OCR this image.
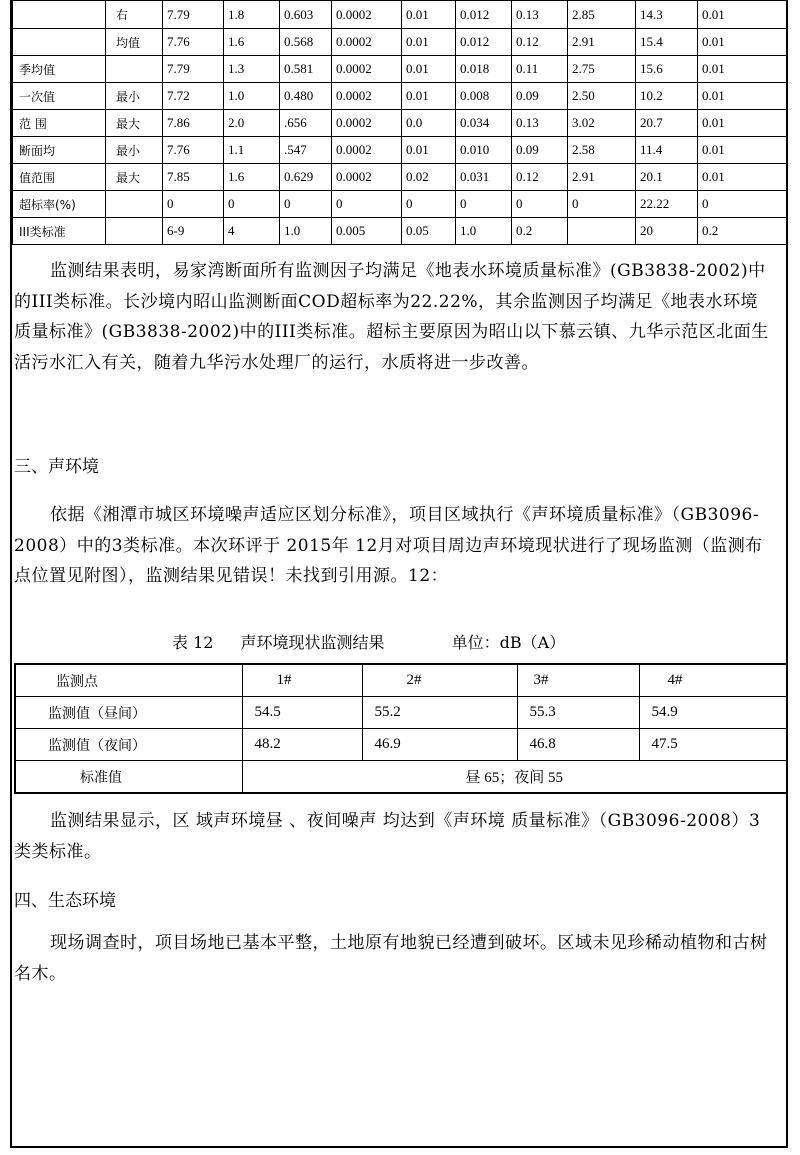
	右	7.79	1.8	0.603	0.0002	0.01	0.012	0.13	2.85	14.3	0.01
	均值	7.76	1.6	0.568	0.0002	0.01	0.012	0.12	2.91	15.4	0.01
季均值		7.79	1.3	0.581	0.0002	0.01	0.018	0.11	2.75	15.6	0.01
一次值	最小	7.72	1.0	0.480	0.0002	0.01	0.008	0.09	2.50	10.2	0.01
范 围	最大	7.86	2.0	.656	0.0002	0.0	0.034	0.13	3.02	20.7	0.01
断面均	最小	7.76	1.1	.547	0.0002	0.01	0.010	0.09	2.58	11.4	0.01
值范围	最大	7.85	1.6	0.629	0.0002	0.02	0.031	0.12	2.91	20.1	0.01
超标率(%)		0	0	0	0	0	0	0	0	22.22	0
III类标准		6-9	4	1.0	0.005	0.05	1.0	0.2		20	0.2
监测结果表明，易家湾断面所有监测因子均满足《地表水环境质量标准》(GB3838-2002)中的III类标准。长沙境内昭山监测断面COD超标率为22.22%，其余监测因子均满足《地表水环境质量标准》(GB3838-2002)中的III类标准。超标主要原因为昭山以下慕云镇、九华示范区北面生活污水汇入有关，随着九华污水处理厂的运行，水质将进一步改善。
三、声环境
依据《湘潭市城区环境噪声适应区划分标准》，项目区域执行《声环境质量标准》（GB3096-2008）中的3类标准。本次环评于 2015年 12月对项目周边声环境现状进行了现场监测（监测布点位置见附图），监测结果见错误！未找到引用源。12：
表 12 声环境现状监测结果	单位：dB（A）
监测点	1#	2#	3#	4#
监测值（昼间）	54.5	55.2	55.3	54.9
监测值（夜间）	48.2	46.9	46.8	47.5
标准值	昼 65；夜间 55			
监测结果显示，区 域声环境昼 、夜间噪声 均达到《声环境 质量标准》（GB3096-2008）3类类标准。
四、生态环境
现场调查时，项目场地已基本平整，土地原有地貌已经遭到破坏。区域未见珍稀动植物和古树名木。
